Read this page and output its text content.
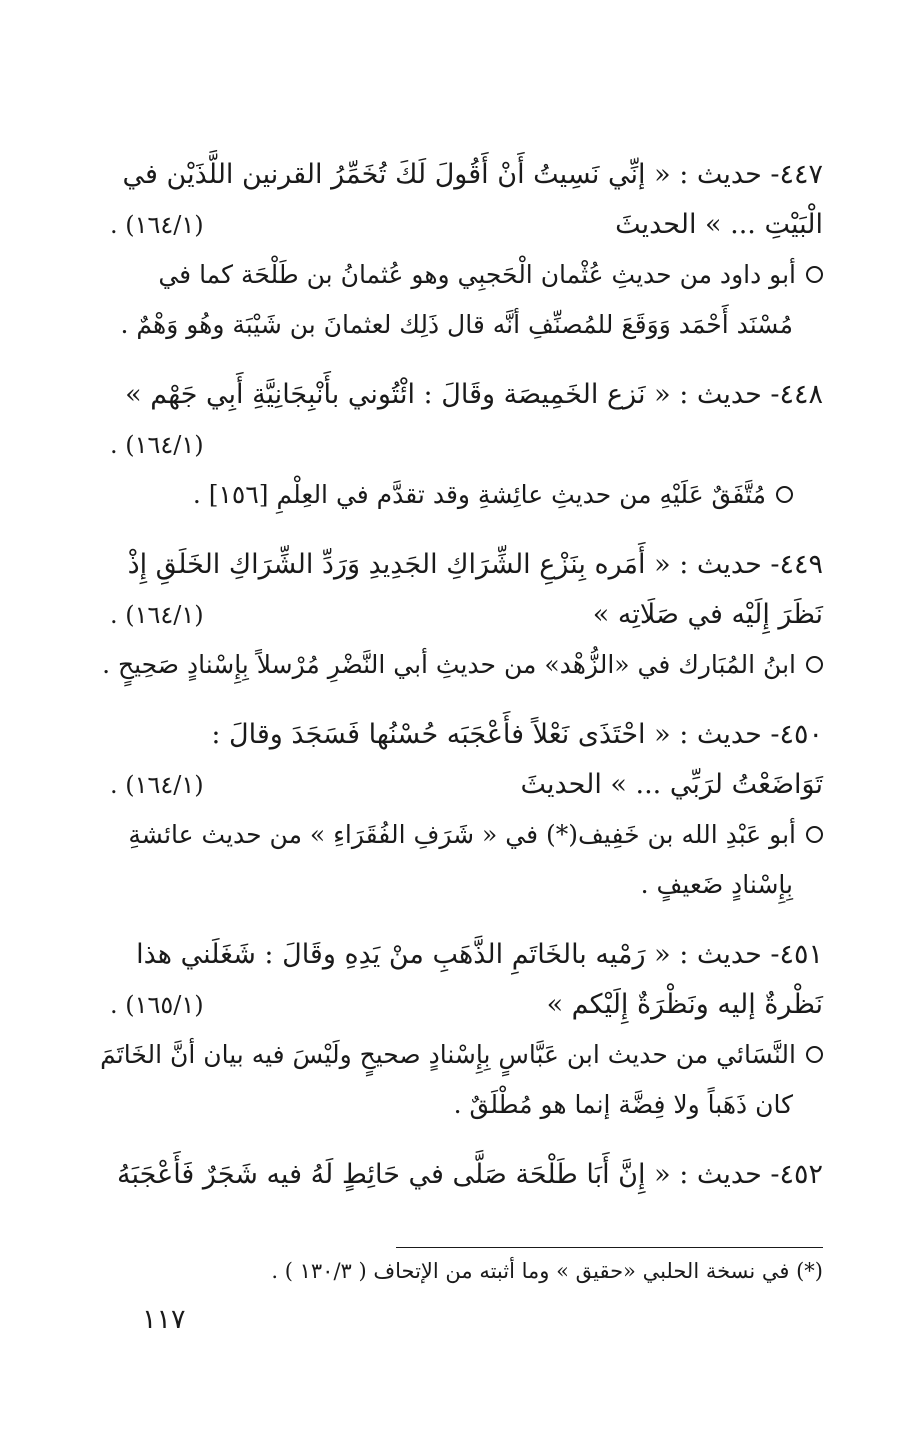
٤٤٧- حديث : « إنِّي نَسِيتُ أَنْ أَقُولَ لَكَ تُخَمِّرُ القرنين اللَّذَيْن في
الْبَيْتِ ... » الحديثَ
(١٦٤/١) .
أبو داود من حديثِ عُثْمان الْحَجبِي وهو عُثمانُ بن طَلْحَة كما في
مُسْنَد أَحْمَد وَوَقَعَ للمُصنِّفِ أنَّه قال ذَلِك لعثمانَ بن شَيْبَة وهُو وَهْمٌ .
٤٤٨- حديث : « نَزع الخَمِيصَة وقَالَ : ائْتُوني بأَنْبِجَانِيَّةِ أَبِي جَهْم »
(١٦٤/١) .
مُتَّفَقٌ عَلَيْهِ من حديثِ عائِشةِ وقد تقدَّم في العِلْمِ [١٥٦] .
٤٤٩- حديث : « أَمَره بِنَزْعِ الشِّرَاكِ الجَدِيدِ وَرَدِّ الشِّرَاكِ الخَلَقِ إِذْ
نَظَرَ إِلَيْه في صَلَاتِه »
(١٦٤/١) .
ابنُ المُبَارك في «الزُّهْد» من حديثِ أبي النَّضْرِ مُرْسلاً بِإِسْنادٍ صَحِيحٍ .
٤٥٠- حديث : « احْتَذَى نَعْلاً فأَعْجَبَه حُسْنُها فَسَجَدَ وقالَ :
تَوَاضَعْتُ لرَبِّي ... » الحديثَ
(١٦٤/١) .
أبو عَبْدِ الله بن خَفِيف(*) في « شَرَفِ الفُقَرَاءِ » من حديث عائشةِ
بِإِسْنادٍ ضَعيفٍ .
٤٥١- حديث : « رَمْيه بالخَاتَمِ الذَّهَبِ منْ يَدِهِ وقَالَ : شَغَلَني هذا
نَظْرةٌ إليه ونَظْرَةٌ إِلَيْكم »
(١٦٥/١) .
النَّسَائي من حديث ابن عَبَّاسٍ بِإِسْنادٍ صحيحٍ ولَيْسَ فيه بيان أنَّ الخَاتَمَ
كان ذَهَباً ولا فِضَّة إنما هو مُطْلَقٌ .
٤٥٢- حديث : « إِنَّ أَبَا طَلْحَة صَلَّى في حَائِطٍ لَهُ فيه شَجَرٌ فَأَعْجَبَهُ
(*) في نسخة الحلبي «حقيق » وما أثبته من الإتحاف ( ١٣٠/٣ ) .
١١٧
